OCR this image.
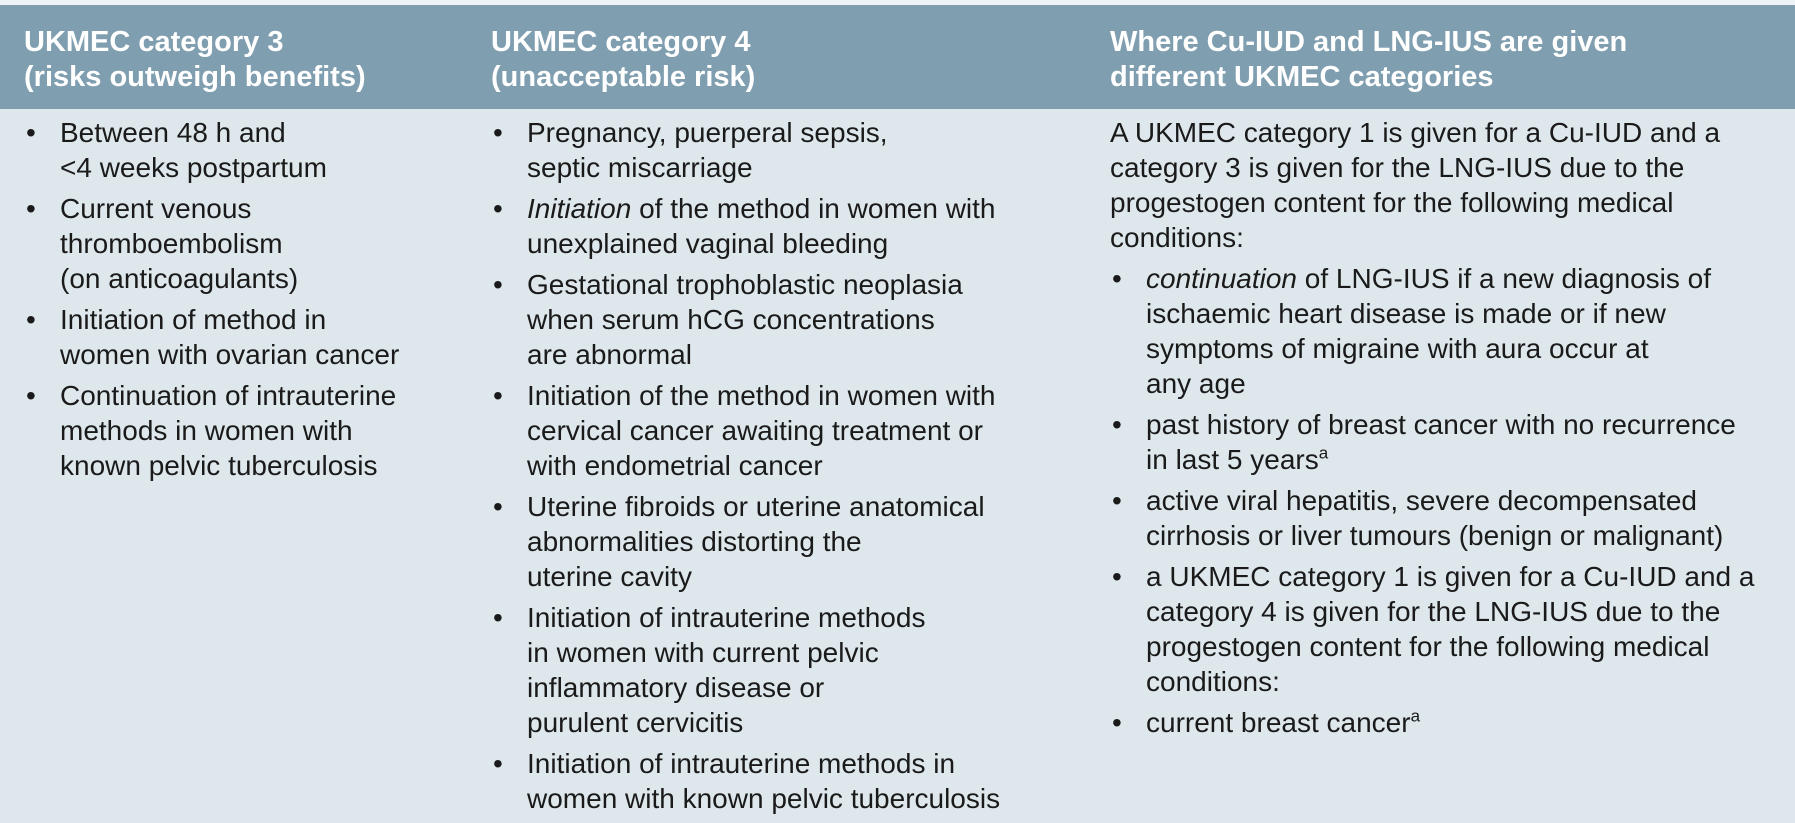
UKMEC category 3
(risks outweigh benefits)
UKMEC category 4
(unacceptable risk)
Where Cu-IUD and LNG-IUS are given
different UKMEC categories
• Between 48 h and
<4 weeks postpartum
• Current venous
thromboembolism
(on anticoagulants)
• Initiation of method in
women with ovarian cancer
• Continuation of intrauterine
methods in women with
known pelvic tuberculosis
• Pregnancy, puerperal sepsis,
septic miscarriage
• Initiation of the method in women with
unexplained vaginal bleeding
• Gestational trophoblastic neoplasia
when serum hCG concentrations
are abnormal
• Initiation of the method in women with
cervical cancer awaiting treatment or
with endometrial cancer
• Uterine fibroids or uterine anatomical
abnormalities distorting the
uterine cavity
• Initiation of intrauterine methods
in women with current pelvic
inflammatory disease or
purulent cervicitis
• Initiation of intrauterine methods in
women with known pelvic tuberculosis

A UKMEC category 1 is given for a Cu-IUD and a
category 3 is given for the LNG-IUS due to the
progestogen content for the following medical
conditions:

• continuation of LNG-IUS if a new diagnosis of
ischaemic heart disease is made or if new
symptoms of migraine with aura occur at
any age
• past history of breast cancer with no recurrence
in last 5 years$^a$
• active viral hepatitis, severe decompensated
cirrhosis or liver tumours (benign or malignant)
• a UKMEC category 1 is given for a Cu-IUD and a
category 4 is given for the LNG-IUS due to the
progestogen content for the following medical
conditions:
• current breast cancer$^a$
